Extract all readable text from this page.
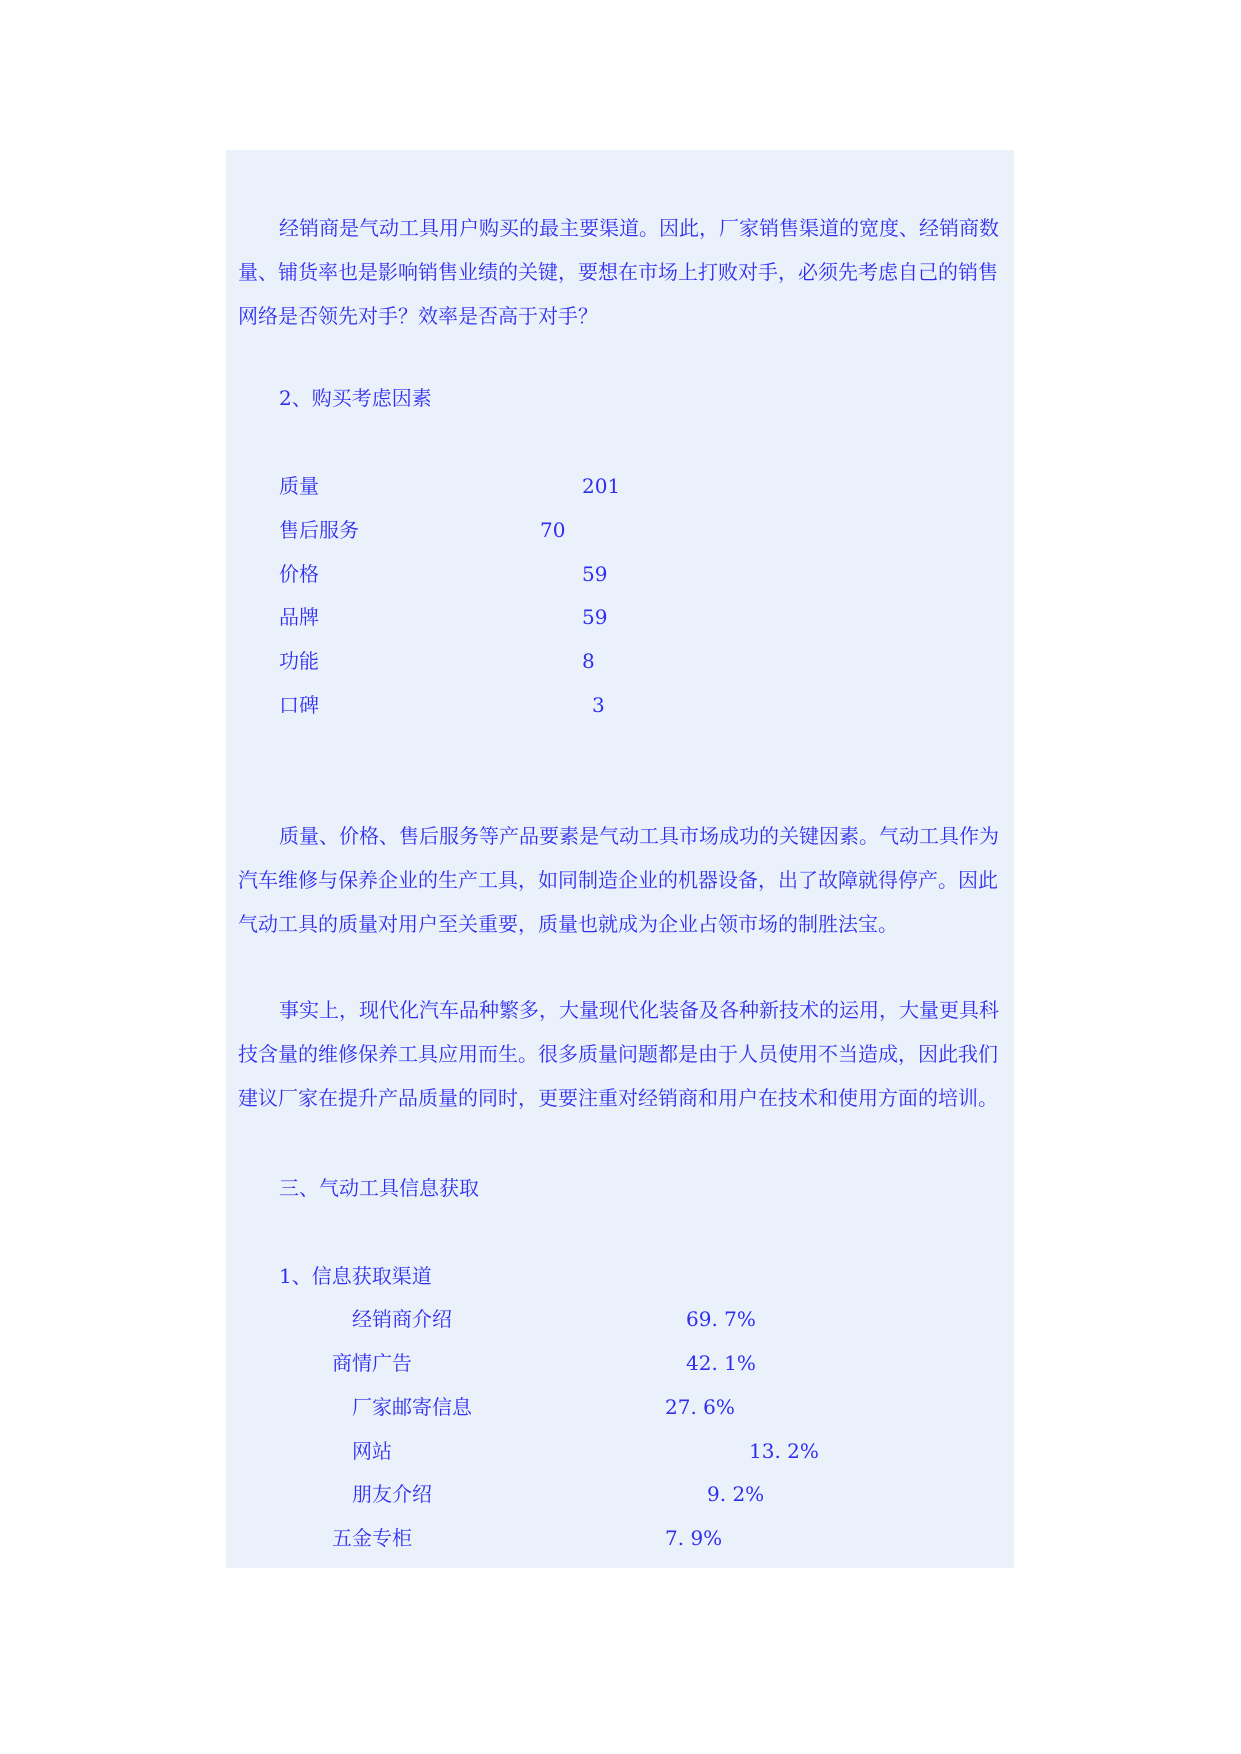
经销商是气动工具用户购买的最主要渠道。因此，厂家销售渠道的宽度、经销商数
量、铺货率也是影响销售业绩的关键，要想在市场上打败对手，必须先考虑自己的销售
网络是否领先对手？效率是否高于对手？

2、购买考虑因素

质量	201

售后服务	70

价格	59

品牌	59

功能	8

口碑	3

质量、价格、售后服务等产品要素是气动工具市场成功的关键因素。气动工具作为
汽车维修与保养企业的生产工具，如同制造企业的机器设备，出了故障就得停产。因此
气动工具的质量对用户至关重要，质量也就成为企业占领市场的制胜法宝。
事实上，现代化汽车品种繁多，大量现代化装备及各种新技术的运用，大量更具科
技含量的维修保养工具应用而生。很多质量问题都是由于人员使用不当造成，因此我们
建议厂家在提升产品质量的同时，更要注重对经销商和用户在技术和使用方面的培训。

三、气动工具信息获取

1、信息获取渠道

经销商介绍	69. 7%

商情广告	42. 1%

厂家邮寄信息	27. 6%

网站	13. 2%

朋友介绍	9. 2%

五金专柜	7. 9%
